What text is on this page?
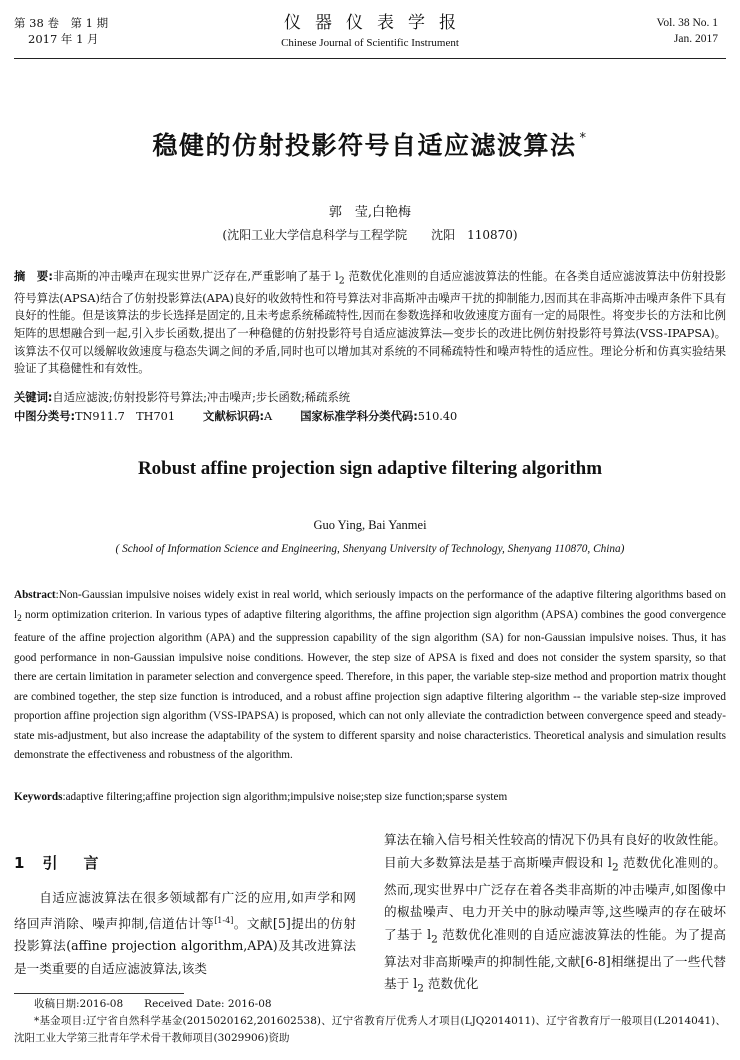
第 38 卷　第 1 期
2017 年 1 月
仪器仪表学报
Chinese Journal of Scientific Instrument
Vol. 38 No. 1
Jan. 2017
稳健的仿射投影符号自适应滤波算法 *
郭　莹,白艳梅
(沈阳工业大学信息科学与工程学院　　沈阳　110870)
摘　要:非高斯的冲击噪声在现实世界广泛存在,严重影响了基于 $l_2$ 范数优化准则的自适应滤波算法的性能。在各类自适应滤波算法中仿射投影符号算法(APSA)结合了仿射投影算法(APA)良好的收敛特性和符号算法对非高斯冲击噪声干扰的抑制能力,因而其在非高斯冲击噪声条件下具有良好的性能。但是该算法的步长选择是固定的,且未考虑系统稀疏特性,因而在参数选择和收敛速度方面有一定的局限性。将变步长的方法和比例矩阵的思想融合到一起,引入步长函数,提出了一种稳健的仿射投影符号自适应滤波算法—变步长的改进比例仿射投影符号算法(VSS-IPAPSA)。该算法不仅可以缓解收敛速度与稳态失调之间的矛盾,同时也可以增加其对系统的不同稀疏特性和噪声特性的适应性。理论分析和仿真实验结果验证了其稳健性和有效性。
关键词:自适应滤波;仿射投影符号算法;冲击噪声;步长函数;稀疏系统
中图分类号:TN911.7　TH701 文献标识码:A 国家标准学科分类代码:510.40
Robust affine projection sign adaptive filtering algorithm
Guo Ying, Bai Yanmei
( School of Information Science and Engineering, Shenyang University of Technology, Shenyang 110870, China)
Abstract:Non-Gaussian impulsive noises widely exist in real world, which seriously impacts on the performance of the adaptive filtering algorithms based on $l_2$ norm optimization criterion. In various types of adaptive filtering algorithms, the affine projection sign algorithm (APSA) combines the good convergence feature of the affine projection algorithm (APA) and the suppression capability of the sign algorithm (SA) for non-Gaussian impulsive noises. Thus, it has good performance in non-Gaussian impulsive noise conditions. However, the step size of APSA is fixed and does not consider the system sparsity, so that there are certain limitation in parameter selection and convergence speed. Therefore, in this paper, the variable step-size method and proportion matrix thought are combined together, the step size function is introduced, and a robust affine projection sign adaptive filtering algorithm -- the variable step-size improved proportion affine projection sign algorithm (VSS-IPAPSA) is proposed, which can not only alleviate the contradiction between convergence speed and steady-state mis-adjustment, but also increase the adaptability of the system to different sparsity and noise characteristics. Theoretical analysis and simulation results demonstrate the effectiveness and robustness of the algorithm.
Keywords:adaptive filtering;affine projection sign algorithm;impulsive noise;step size function;sparse system
1 引言
自适应滤波算法在很多领域都有广泛的应用,如声学和网络回声消除、噪声抑制,信道估计等[1-4]。文献[5]提出的仿射投影算法(affine projection algorithm,APA)及其改进算法是一类重要的自适应滤波算法,该类
算法在输入信号相关性较高的情况下仍具有良好的收敛性能。目前大多数算法是基于高斯噪声假设和 $l_2$ 范数优化准则的。然而,现实世界中广泛存在着各类非高斯的冲击噪声,如图像中的椒盐噪声、电力开关中的脉动噪声等,这些噪声的存在破坏了基于 $l_2$ 范数优化准则的自适应滤波算法的性能。为了提高算法对非高斯噪声的抑制性能,文献[6-8]相继提出了一些代替基于 $l_2$ 范数优化
收稿日期:2016-08　　Received Date: 2016-08
*基金项目:辽宁省自然科学基金(2015020162,201602538)、辽宁省教育厅优秀人才项目(LJQ2014011)、辽宁省教育厅一般项目(L2014041)、沈阳工业大学第三批青年学术骨干教师项目(3029906)资助
